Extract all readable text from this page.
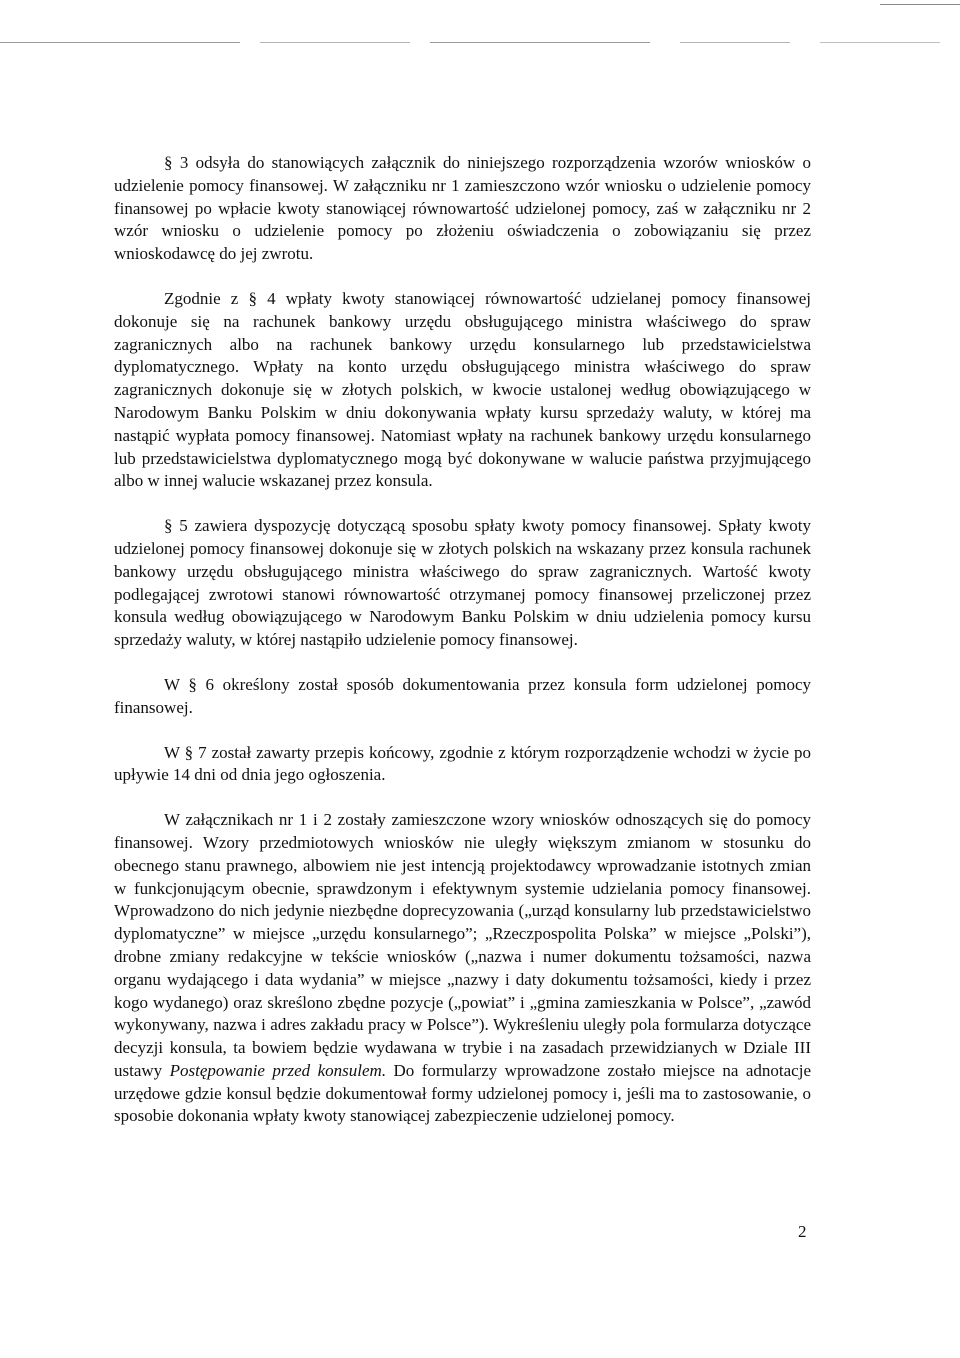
§ 3 odsyła do stanowiących załącznik do niniejszego rozporządzenia wzorów wniosków o udzielenie pomocy finansowej. W załączniku nr 1 zamieszczono wzór wniosku o udzielenie pomocy finansowej po wpłacie kwoty stanowiącej równowartość udzielonej pomocy, zaś w załączniku nr 2 wzór wniosku o udzielenie pomocy po złożeniu oświadczenia o zobowiązaniu się przez wnioskodawcę do jej zwrotu.

Zgodnie z § 4 wpłaty kwoty stanowiącej równowartość udzielanej pomocy finansowej dokonuje się na rachunek bankowy urzędu obsługującego ministra właściwego do spraw zagranicznych albo na rachunek bankowy urzędu konsularnego lub przedstawicielstwa dyplomatycznego. Wpłaty na konto urzędu obsługującego ministra właściwego do spraw zagranicznych dokonuje się w złotych polskich, w kwocie ustalonej według obowiązującego w Narodowym Banku Polskim w dniu dokonywania wpłaty kursu sprzedaży waluty, w której ma nastąpić wypłata pomocy finansowej. Natomiast wpłaty na rachunek bankowy urzędu konsularnego lub przedstawicielstwa dyplomatycznego mogą być dokonywane w walucie państwa przyjmującego albo w innej walucie wskazanej przez konsula.

§ 5 zawiera dyspozycję dotyczącą sposobu spłaty kwoty pomocy finansowej. Spłaty kwoty udzielonej pomocy finansowej dokonuje się w złotych polskich na wskazany przez konsula rachunek bankowy urzędu obsługującego ministra właściwego do spraw zagranicznych. Wartość kwoty podlegającej zwrotowi stanowi równowartość otrzymanej pomocy finansowej przeliczonej przez konsula według obowiązującego w Narodowym Banku Polskim w dniu udzielenia pomocy kursu sprzedaży waluty, w której nastąpiło udzielenie pomocy finansowej.

W § 6 określony został sposób dokumentowania przez konsula form udzielonej pomocy finansowej.

W § 7 został zawarty przepis końcowy, zgodnie z którym rozporządzenie wchodzi w życie po upływie 14 dni od dnia jego ogłoszenia.

W załącznikach nr 1 i 2 zostały zamieszczone wzory wniosków odnoszących się do pomocy finansowej. Wzory przedmiotowych wniosków nie uległy większym zmianom w stosunku do obecnego stanu prawnego, albowiem nie jest intencją projektodawcy wprowadzanie istotnych zmian w funkcjonującym obecnie, sprawdzonym i efektywnym systemie udzielania pomocy finansowej. Wprowadzono do nich jedynie niezbędne doprecyzowania („urząd konsularny lub przedstawicielstwo dyplomatyczne” w miejsce „urzędu konsularnego”; „Rzeczpospolita Polska” w miejsce „Polski”), drobne zmiany redakcyjne w tekście wniosków („nazwa i numer dokumentu tożsamości, nazwa organu wydającego i data wydania” w miejsce „nazwy i daty dokumentu tożsamości, kiedy i przez kogo wydanego) oraz skreślono zbędne pozycje („powiat” i „gmina zamieszkania w Polsce”, „zawód wykonywany, nazwa i adres zakładu pracy w Polsce”). Wykreśleniu uległy pola formularza dotyczące decyzji konsula, ta bowiem będzie wydawana w trybie i na zasadach przewidzianych w Dziale III ustawy Postępowanie przed konsulem. Do formularzy wprowadzone zostało miejsce na adnotacje urzędowe gdzie konsul będzie dokumentował formy udzielonej pomocy i, jeśli ma to zastosowanie, o sposobie dokonania wpłaty kwoty stanowiącej zabezpieczenie udzielonej pomocy.

2
